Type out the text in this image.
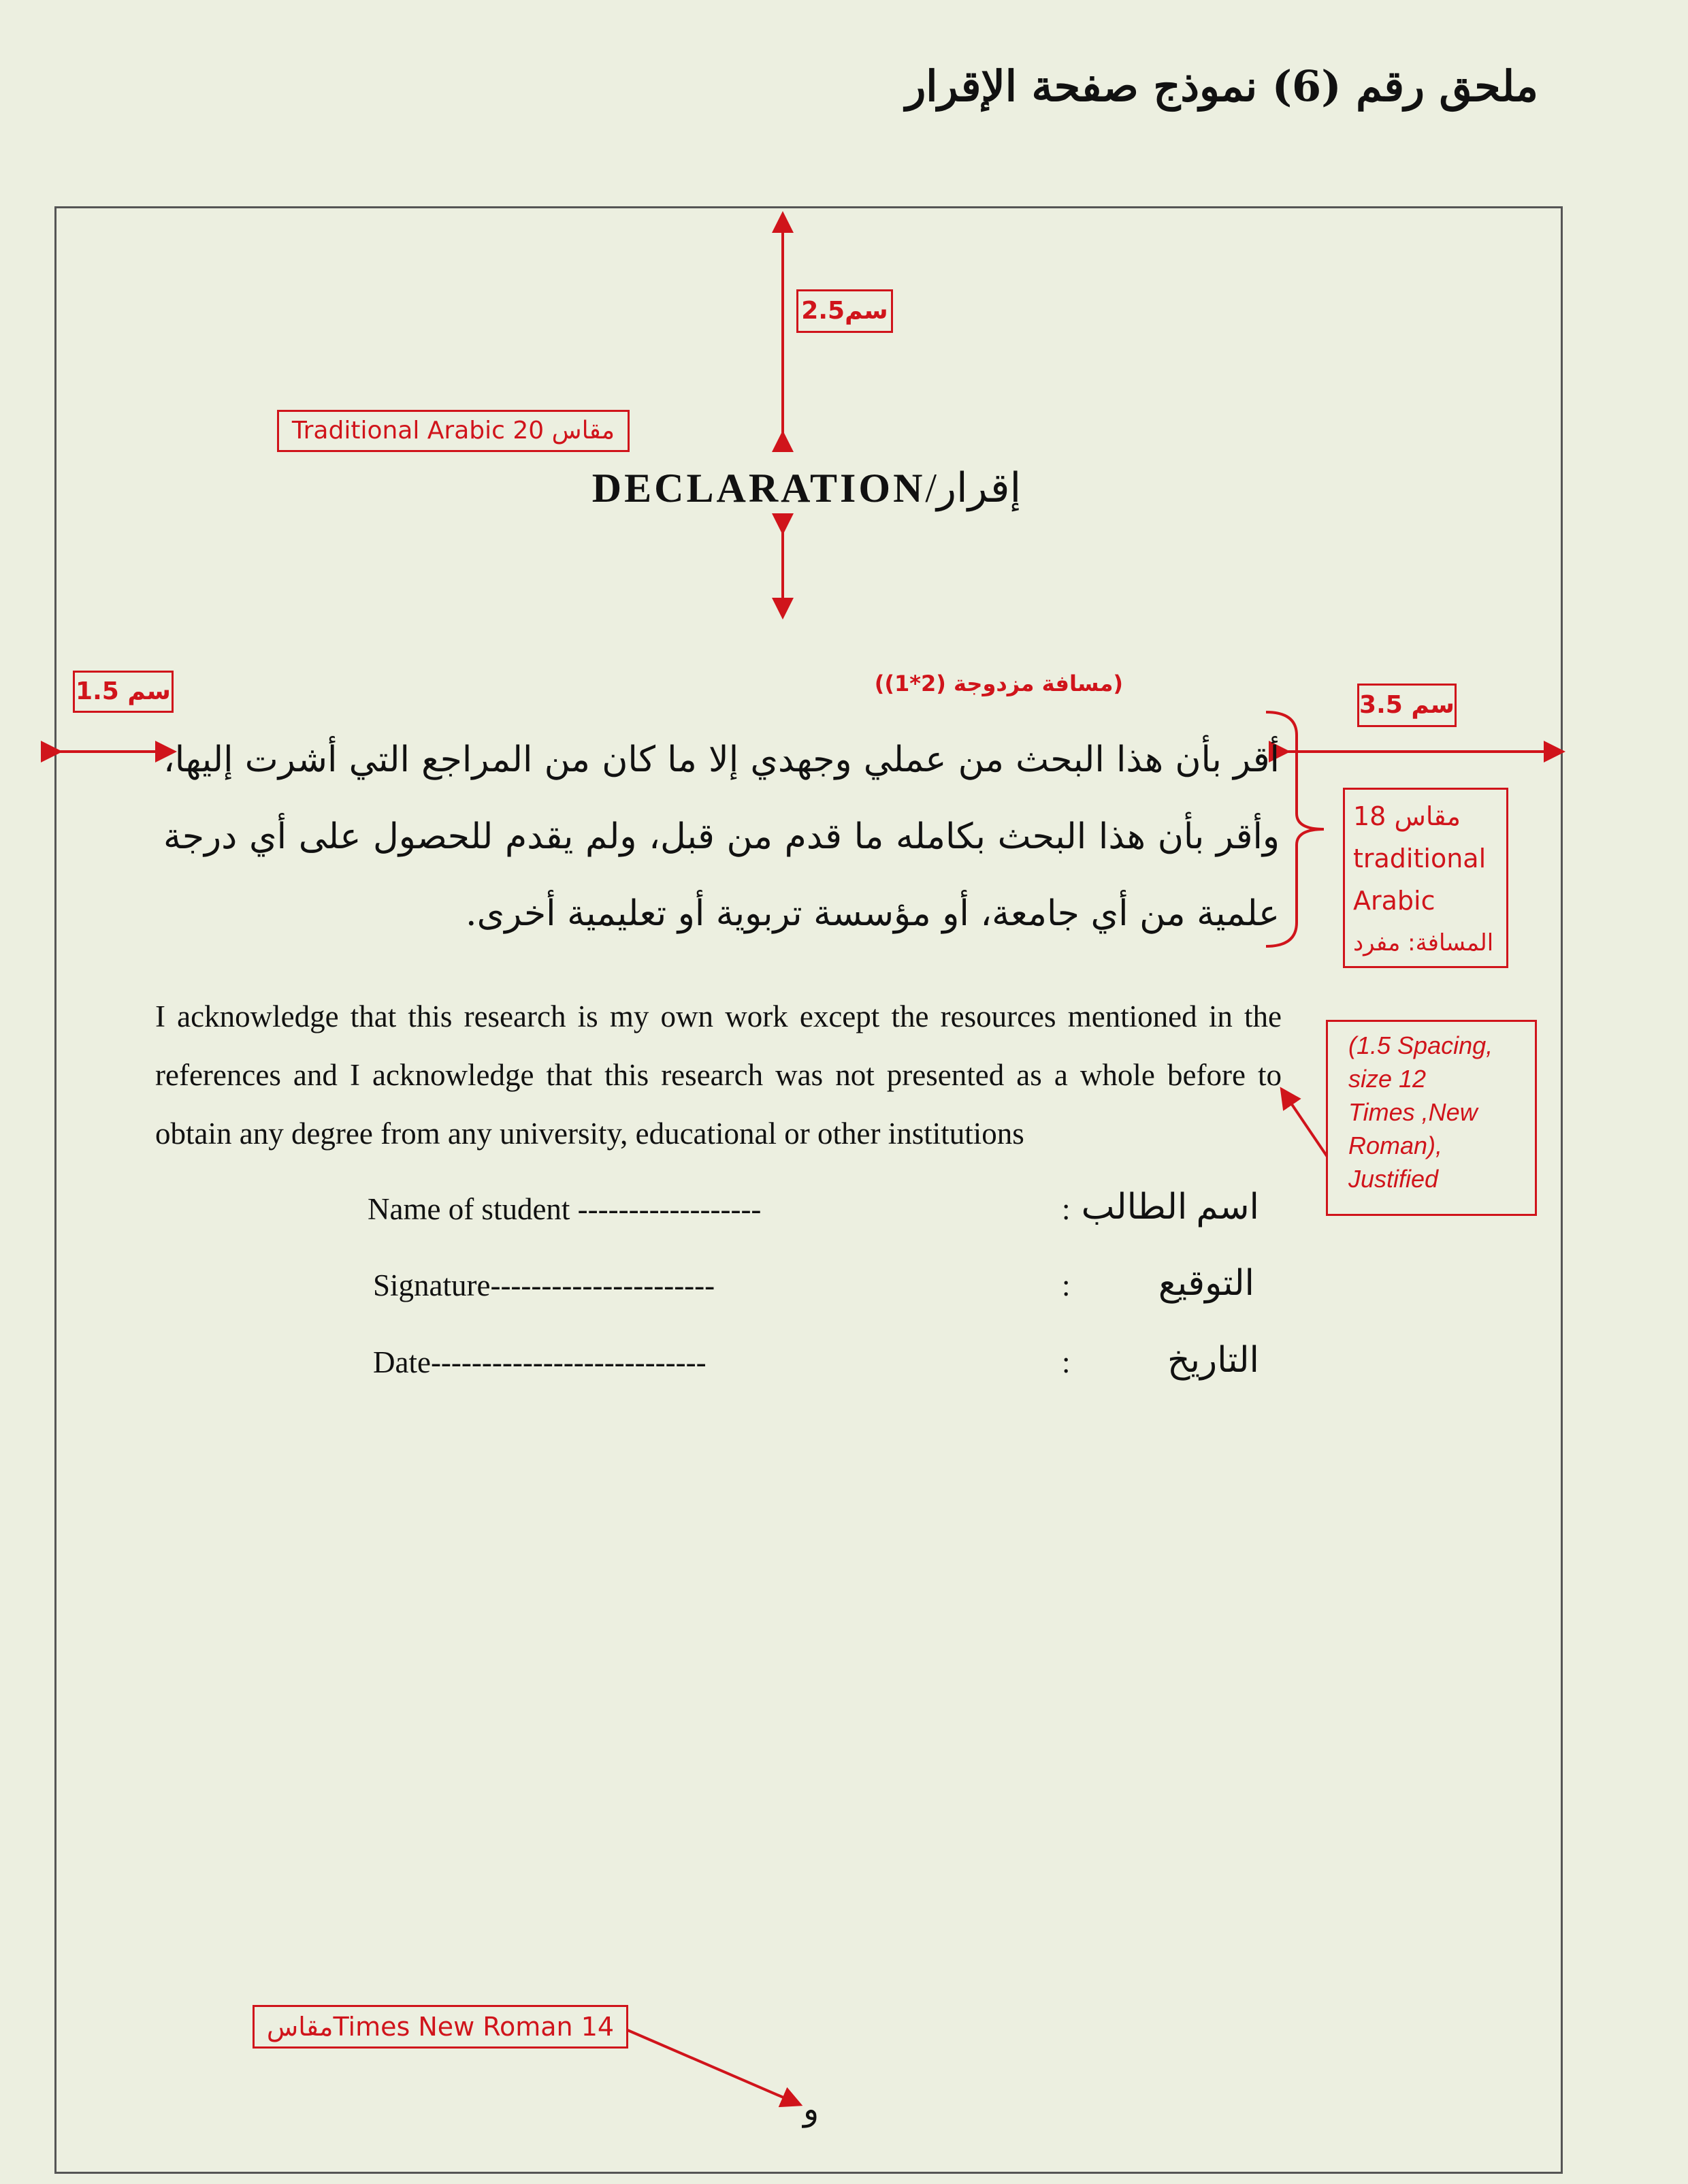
ملحق رقم (6) نموذج صفحة الإقرار
2.5سم
Traditional Arabic 20 مقاس
DECLARATION/إقرار
1.5 سم	(مسافة مزدوجة (2*1))
3.5 سم
أقر بأن هذا البحث من عملي وجهدي إلا ما كان من المراجع التي أشرت إليها، وأقر بأن هذا البحث بكامله ما قدم من قبل، ولم يقدم للحصول على أي درجة علمية من أي جامعة، أو مؤسسة تربوية أو تعليمية أخرى.
مقاس 18
traditional
Arabic
المسافة: مفرد
I acknowledge that this research is my own work except the resources mentioned in the references and I acknowledge that this research was not presented as a whole before to obtain any degree from any university, educational or other institutions
(1.5 Spacing,
size 12
Times ,New
Roman),
Justified
Name of student ------------------	: اسم الطالب
Signature----------------------	: التوقيع
Date---------------------------	:	التاريخ
مقاسTimes New Roman 14
و
